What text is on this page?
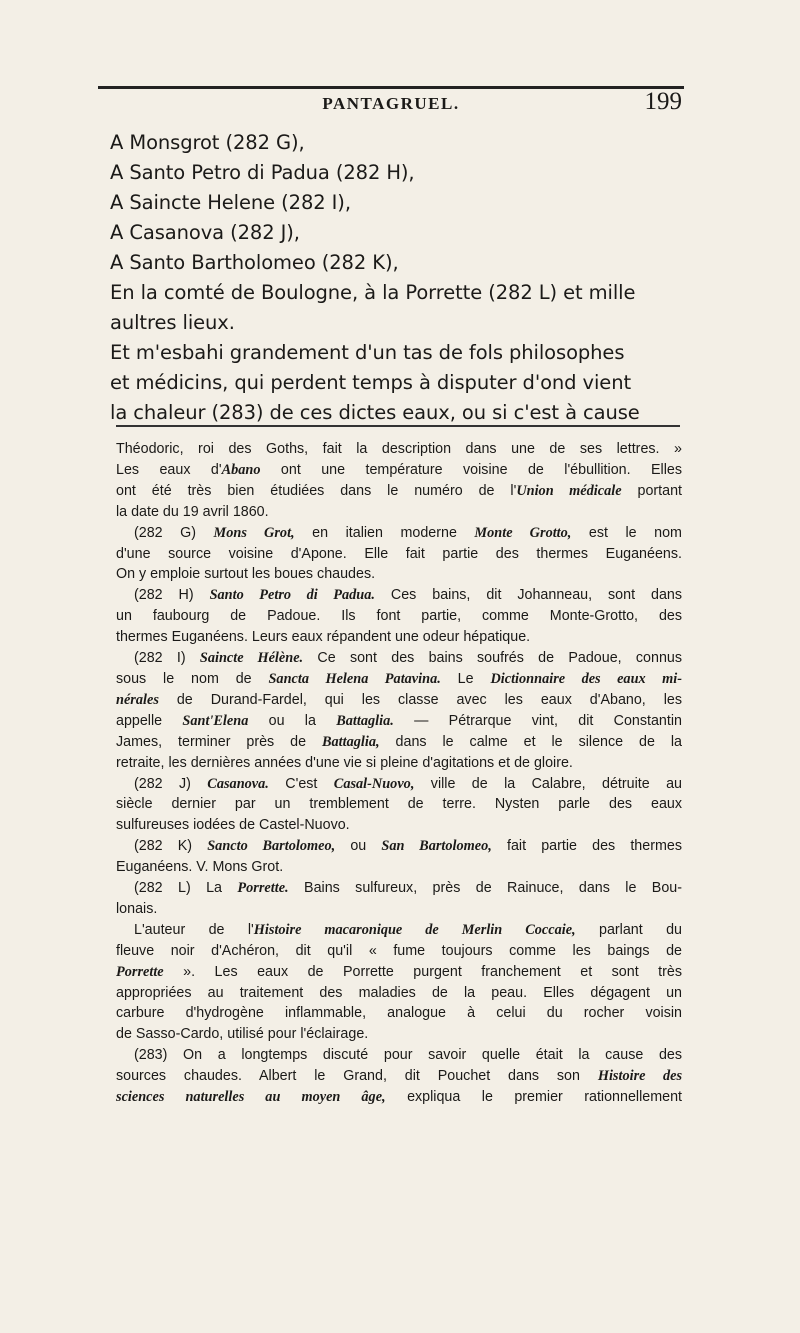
PANTAGRUEL.	199
A Monsgrot (282 G),
A Santo Petro di Padua (282 H),
A Saincte Helene (282 I),
A Casanova (282 J),
A Santo Bartholomeo (282 K),
En la comté de Boulogne, à la Porrette (282 L) et mille
aultres lieux.
Et m'esbahi grandement d'un tas de fols philosophes
et médicins, qui perdent temps à disputer d'ond vient
la chaleur (283) de ces dictes eaux, ou si c'est à cause

Théodoric, roi des Goths, fait la description dans une de ses lettres. »

Les eaux d'Abano ont une température voisine de l'ébullition. Elles

ont été très bien étudiées dans le numéro de l'Union médicale portant

la date du 19 avril 1860.

(282 G) Mons Grot, en italien moderne Monte Grotto, est le nom

d'une source voisine d'Apone. Elle fait partie des thermes Euganéens.

On y emploie surtout les boues chaudes.

(282 H) Santo Petro di Padua. Ces bains, dit Johanneau, sont dans

un faubourg de Padoue. Ils font partie, comme Monte-Grotto, des

thermes Euganéens. Leurs eaux répandent une odeur hépatique.

(282 I) Saincte Hélène. Ce sont des bains soufrés de Padoue, connus

sous le nom de Sancta Helena Patavina. Le Dictionnaire des eaux mi-

nérales de Durand-Fardel, qui les classe avec les eaux d'Abano, les

appelle Sant'Elena ou la Battaglia. — Pétrarque vint, dit Constantin

James, terminer près de Battaglia, dans le calme et le silence de la

retraite, les dernières années d'une vie si pleine d'agitations et de gloire.

(282 J) Casanova. C'est Casal-Nuovo, ville de la Calabre, détruite au

siècle dernier par un tremblement de terre. Nysten parle des eaux

sulfureuses iodées de Castel-Nuovo.

(282 K) Sancto Bartolomeo, ou San Bartolomeo, fait partie des thermes

Euganéens. V. Mons Grot.

(282 L) La Porrette. Bains sulfureux, près de Rainuce, dans le Bou-

lonais.

L'auteur de l'Histoire macaronique de Merlin Coccaie, parlant du

fleuve noir d'Achéron, dit qu'il « fume toujours comme les baings de

Porrette ». Les eaux de Porrette purgent franchement et sont très

appropriées au traitement des maladies de la peau. Elles dégagent un

carbure d'hydrogène inflammable, analogue à celui du rocher voisin

de Sasso-Cardo, utilisé pour l'éclairage.

(283) On a longtemps discuté pour savoir quelle était la cause des

sources chaudes. Albert le Grand, dit Pouchet dans son Histoire des

sciences naturelles au moyen âge, expliqua le premier rationnellement
